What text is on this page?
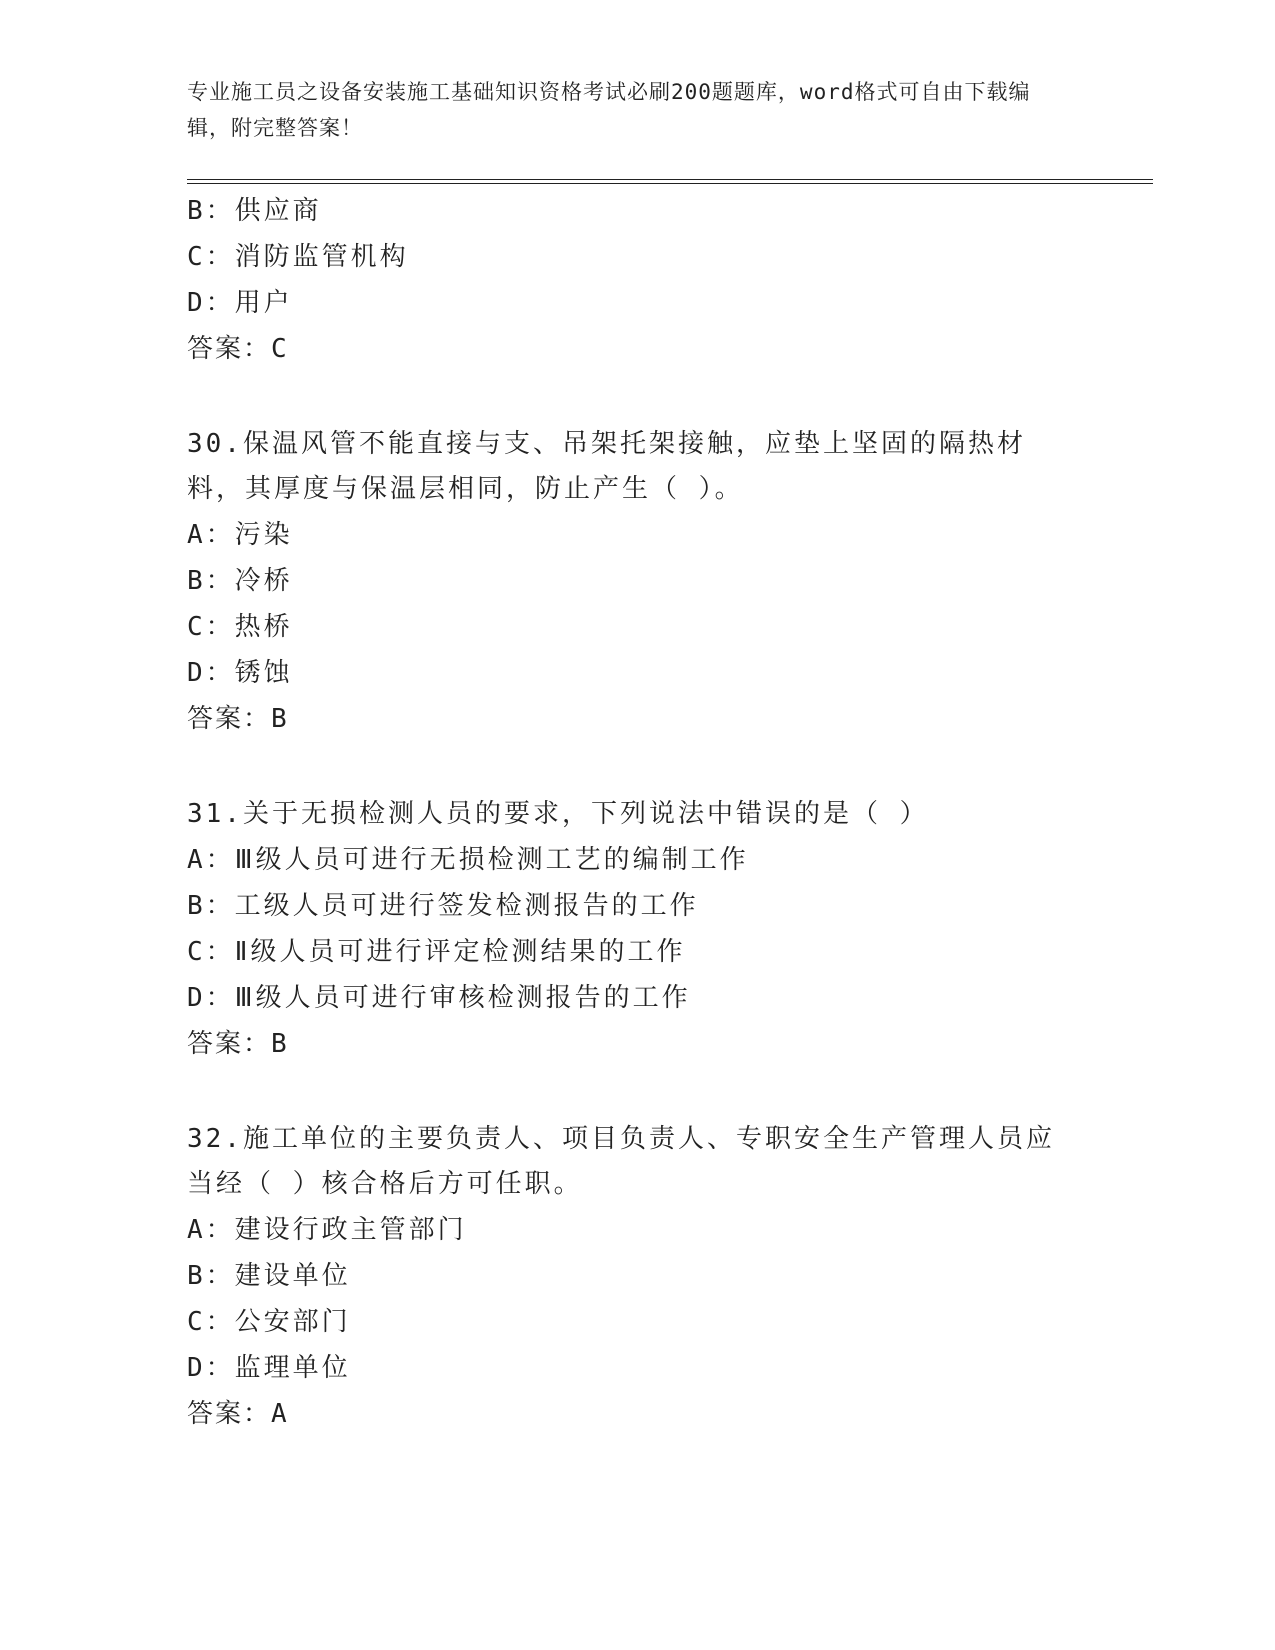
专业施工员之设备安装施工基础知识资格考试必刷200题题库，word格式可自由下载编辑，附完整答案！
B：供应商
C：消防监管机构
D：用户
答案：C
30.保温风管不能直接与支、吊架托架接触，应垫上坚固的隔热材料，其厚度与保温层相同，防止产生（ ）。
A：污染
B：冷桥
C：热桥
D：锈蚀
答案：B
31.关于无损检测人员的要求，下列说法中错误的是（ ）
A：Ⅲ级人员可进行无损检测工艺的编制工作
B：工级人员可进行签发检测报告的工作
C：Ⅱ级人员可进行评定检测结果的工作
D：Ⅲ级人员可进行审核检测报告的工作
答案：B
32.施工单位的主要负责人、项目负责人、专职安全生产管理人员应当经（ ）核合格后方可任职。
A：建设行政主管部门
B：建设单位
C：公安部门
D：监理单位
答案：A
